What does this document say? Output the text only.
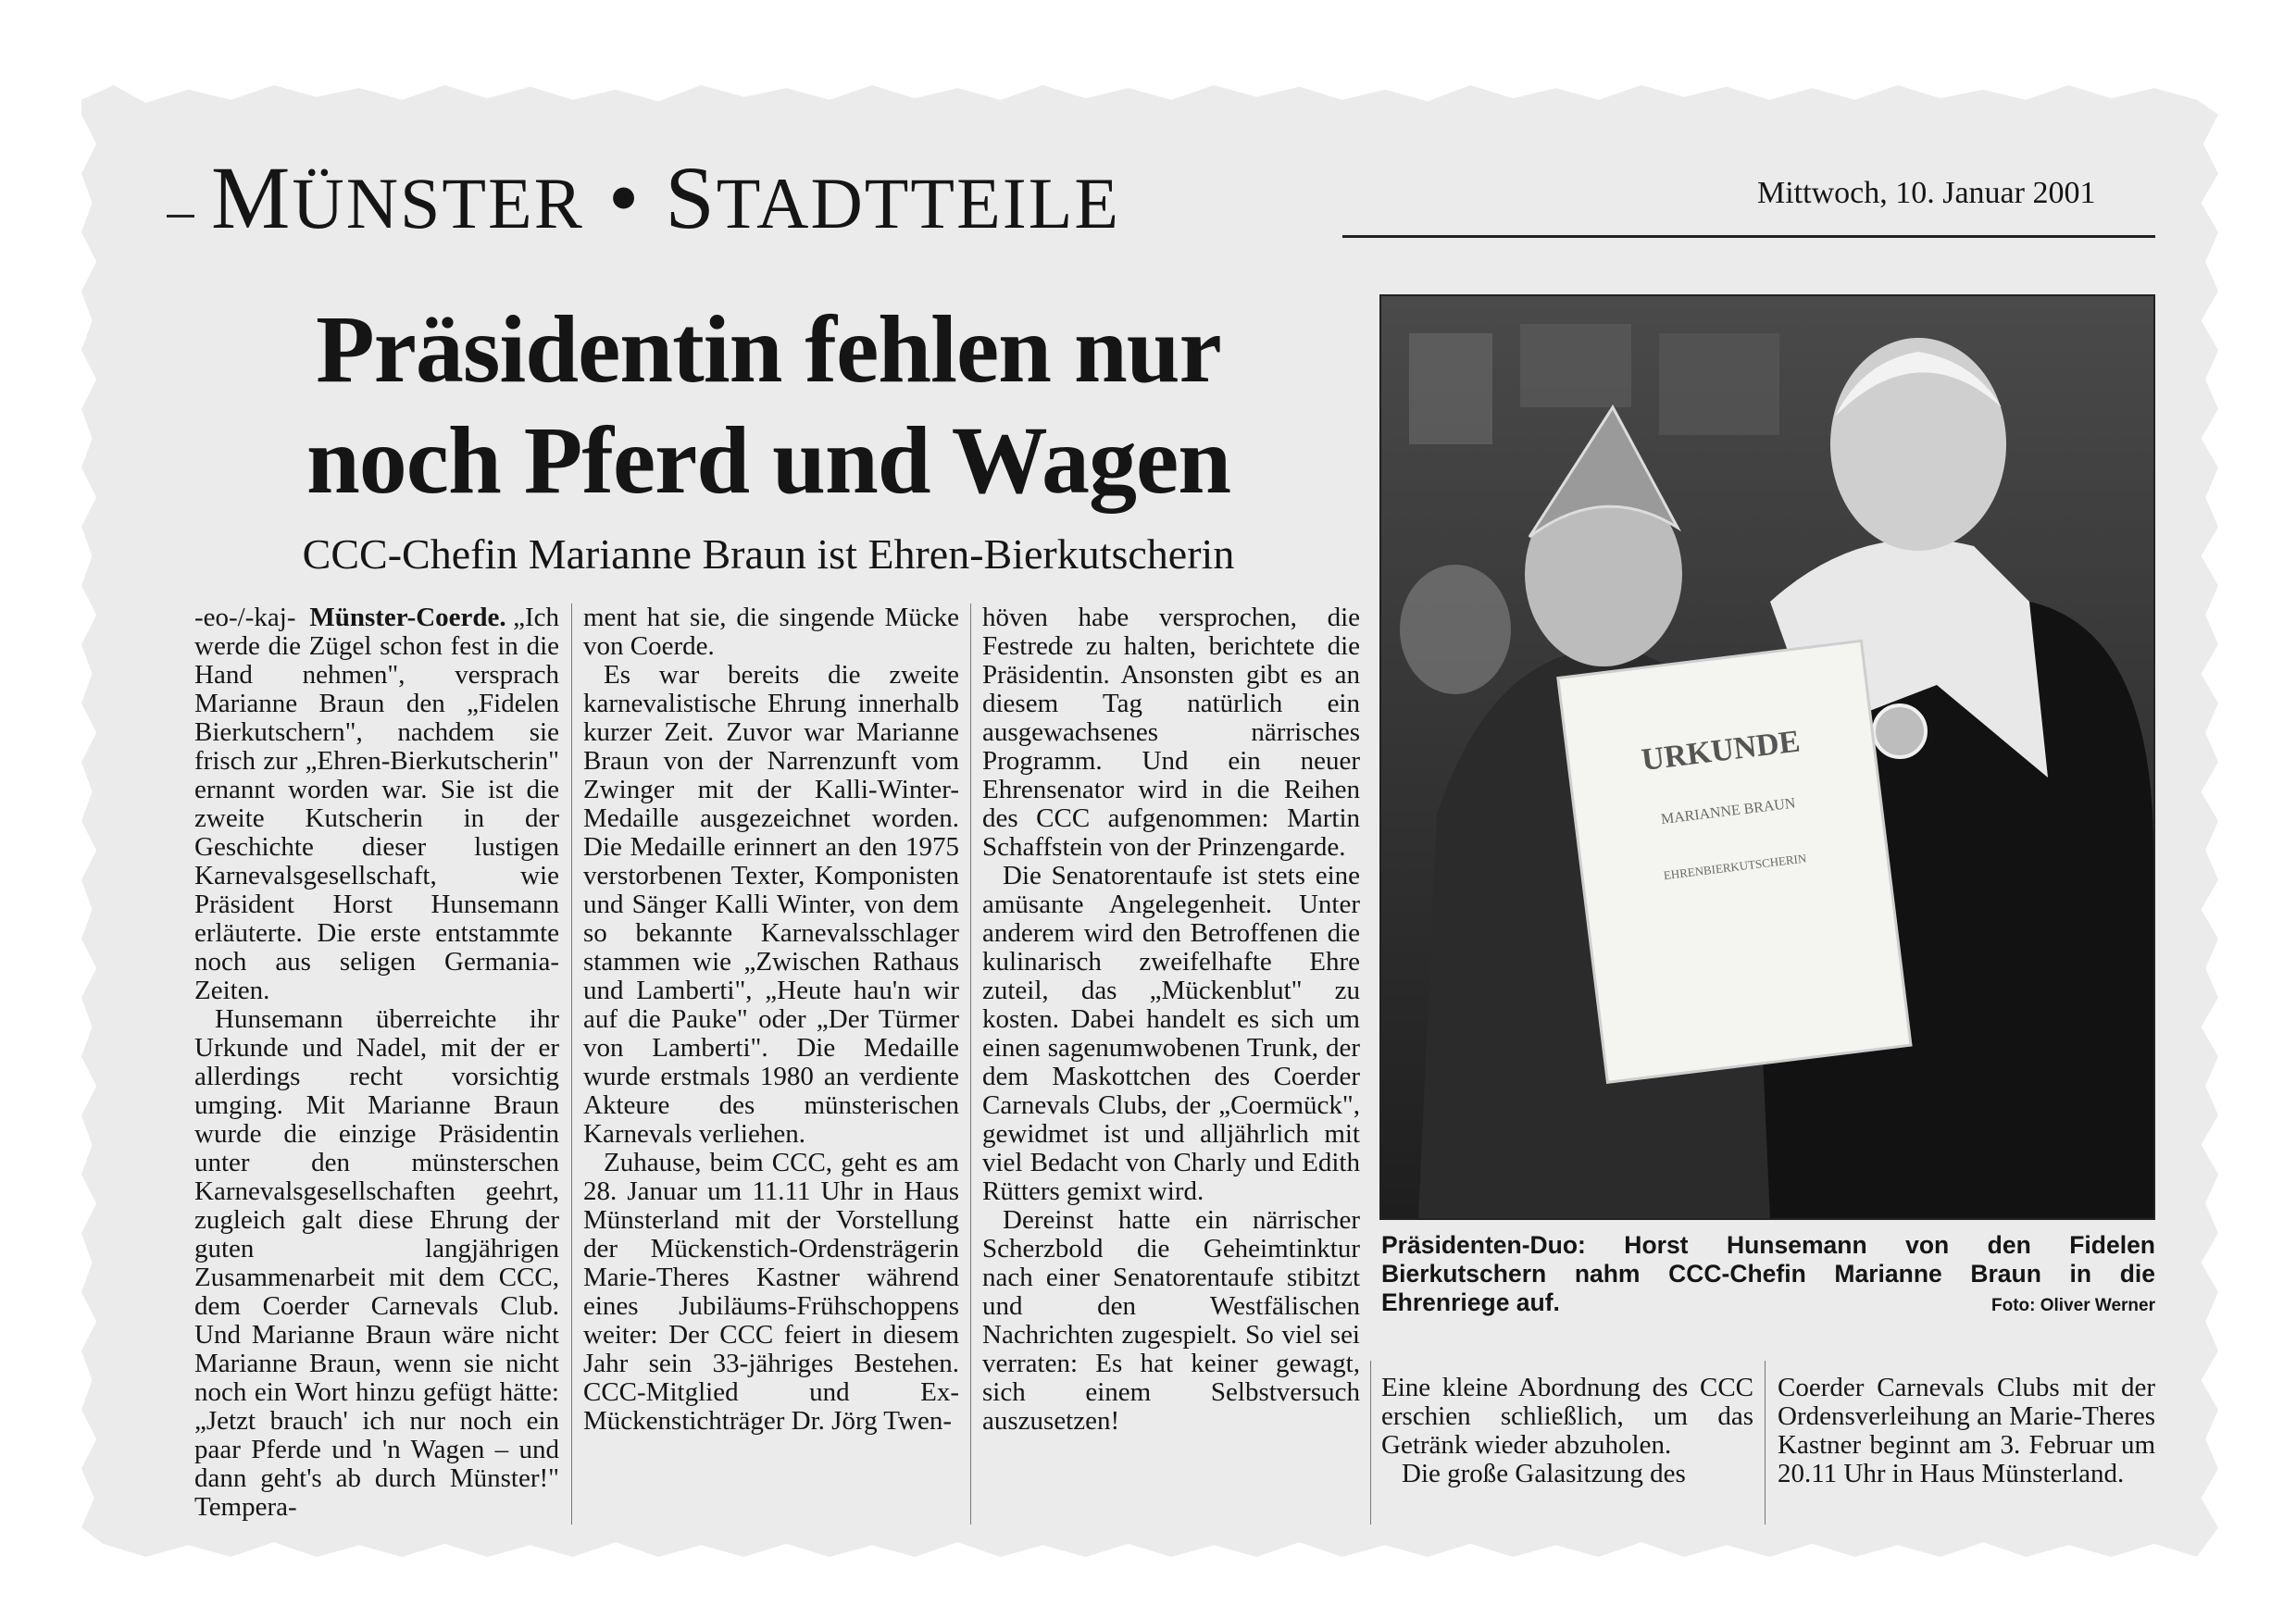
MÜNSTER • STADTTEILE	Mittwoch, 10. Januar 2001
Präsidentin fehlen nur
noch Pferd und Wagen
CCC-Chefin Marianne Braun ist Ehren-Bierkutscherin

-eo-/-kaj- Münster-Coerde. „Ich werde die Zügel schon fest in die Hand nehmen", versprach Marianne Braun den „Fidelen Bierkutschern", nachdem sie frisch zur „Ehren-Bierkutscherin" ernannt worden war. Sie ist die zweite Kutscherin in der Geschichte dieser lustigen Karnevalsgesellschaft, wie Präsident Horst Hunsemann erläuterte. Die erste entstammte noch aus seligen Germania-Zeiten.

Hunsemann überreichte ihr Urkunde und Nadel, mit der er allerdings recht vorsichtig umging. Mit Marianne Braun wurde die einzige Präsidentin unter den münsterschen Karnevalsgesellschaften geehrt, zugleich galt diese Ehrung der guten langjährigen Zusammenarbeit mit dem CCC, dem Coerder Carnevals Club. Und Marianne Braun wäre nicht Marianne Braun, wenn sie nicht noch ein Wort hinzu gefügt hätte: „Jetzt brauch' ich nur noch ein paar Pferde und 'n Wagen – und dann geht's ab durch Münster!" Tempera-

ment hat sie, die singende Mücke von Coerde.

Es war bereits die zweite karnevalistische Ehrung innerhalb kurzer Zeit. Zuvor war Marianne Braun von der Narrenzunft vom Zwinger mit der Kalli-Winter-Medaille ausgezeichnet worden. Die Medaille erinnert an den 1975 verstorbenen Texter, Komponisten und Sänger Kalli Winter, von dem so bekannte Karnevalsschlager stammen wie „Zwischen Rathaus und Lamberti", „Heute hau'n wir auf die Pauke" oder „Der Türmer von Lamberti". Die Medaille wurde erstmals 1980 an verdiente Akteure des münsterischen Karnevals verliehen.

Zuhause, beim CCC, geht es am 28. Januar um 11.11 Uhr in Haus Münsterland mit der Vorstellung der Mückenstich-Ordensträgerin Marie-Theres Kastner während eines Jubiläums-Frühschoppens weiter: Der CCC feiert in diesem Jahr sein 33-jähriges Bestehen. CCC-Mitglied und Ex-Mückenstichträger Dr. Jörg Twen-

höven habe versprochen, die Festrede zu halten, berichtete die Präsidentin. Ansonsten gibt es an diesem Tag natürlich ein ausgewachsenes närrisches Programm. Und ein neuer Ehrensenator wird in die Reihen des CCC aufgenommen: Martin Schaffstein von der Prinzengarde.

Die Senatorentaufe ist stets eine amüsante Angelegenheit. Unter anderem wird den Betroffenen die kulinarisch zweifelhafte Ehre zuteil, das „Mückenblut" zu kosten. Dabei handelt es sich um einen sagenumwobenen Trunk, der dem Maskottchen des Coerder Carnevals Clubs, der „Coermück", gewidmet ist und alljährlich mit viel Bedacht von Charly und Edith Rütters gemixt wird.

Dereinst hatte ein närrischer Scherzbold die Geheimtinktur nach einer Senatorentaufe stibitzt und den Westfälischen Nachrichten zugespielt. So viel sei verraten: Es hat keiner gewagt, sich einem Selbstversuch auszusetzen!

Eine kleine Abordnung des CCC erschien schließlich, um das Getränk wieder abzuholen.

Die große Galasitzung des

Coerder Carnevals Clubs mit der Ordensverleihung an Marie-Theres Kastner beginnt am 3. Februar um 20.11 Uhr in Haus Münsterland.

URKUNDE
MARIANNE BRAUN
EHRENBIERKUTSCHERIN
Präsidenten-Duo: Horst Hunsemann von den Fidelen Bierkutschern nahm CCC-Chefin Marianne Braun in die Ehrenriege auf.	Foto: Oliver Werner
